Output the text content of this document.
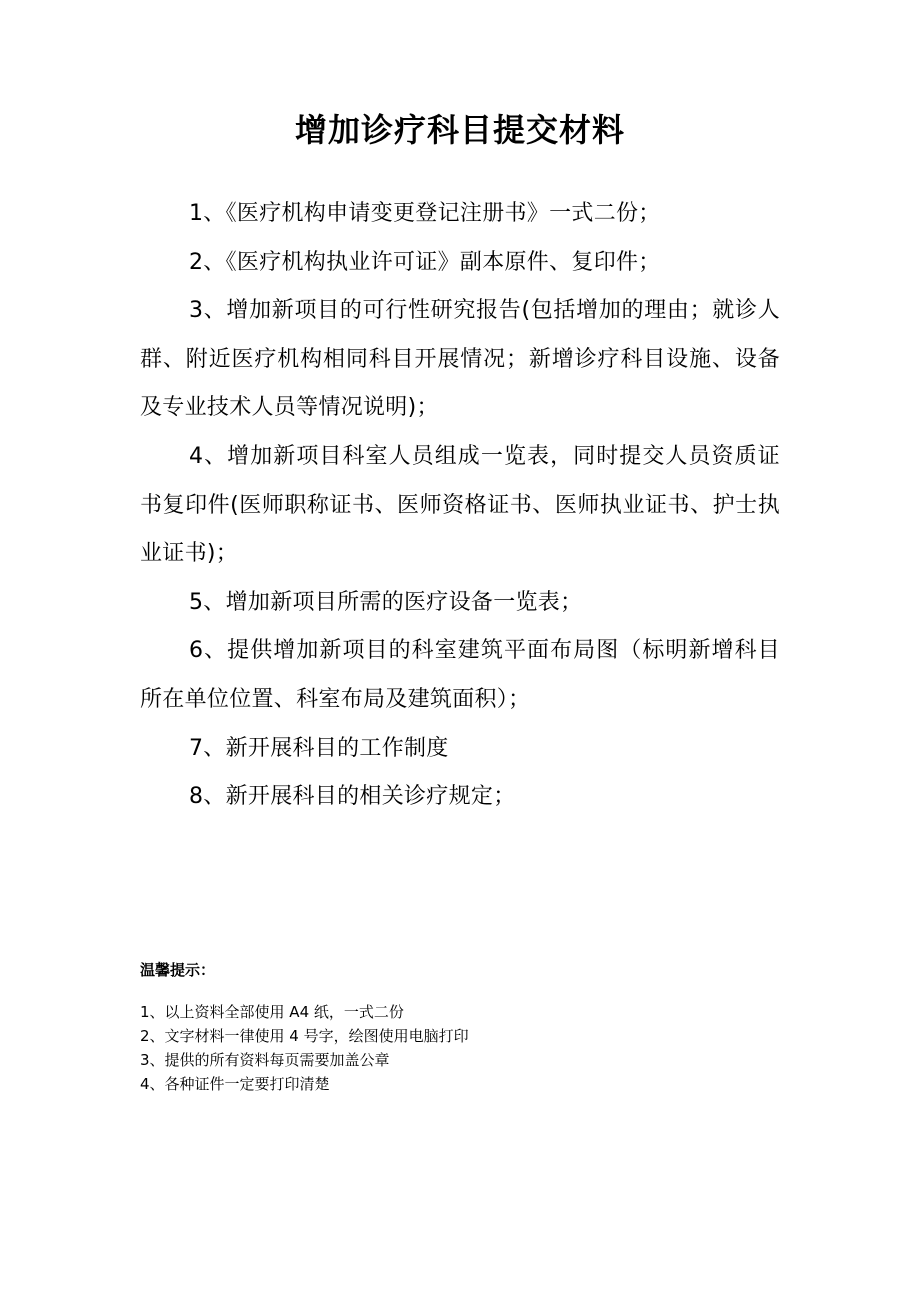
增加诊疗科目提交材料

1、《医疗机构申请变更登记注册书》一式二份；

2、《医疗机构执业许可证》副本原件、复印件；

3、增加新项目的可行性研究报告(包括增加的理由；就诊人群、附近医疗机构相同科目开展情况；新增诊疗科目设施、设备及专业技术人员等情况说明)；

4、增加新项目科室人员组成一览表，同时提交人员资质证书复印件(医师职称证书、医师资格证书、医师执业证书、护士执业证书)；

5、增加新项目所需的医疗设备一览表；

6、提供增加新项目的科室建筑平面布局图（标明新增科目所在单位位置、科室布局及建筑面积）；

7、新开展科目的工作制度

8、新开展科目的相关诊疗规定；

温馨提示：

1、以上资料全部使用 A4 纸，一式二份

2、文字材料一律使用 4 号字，绘图使用电脑打印

3、提供的所有资料每页需要加盖公章

4、各种证件一定要打印清楚
